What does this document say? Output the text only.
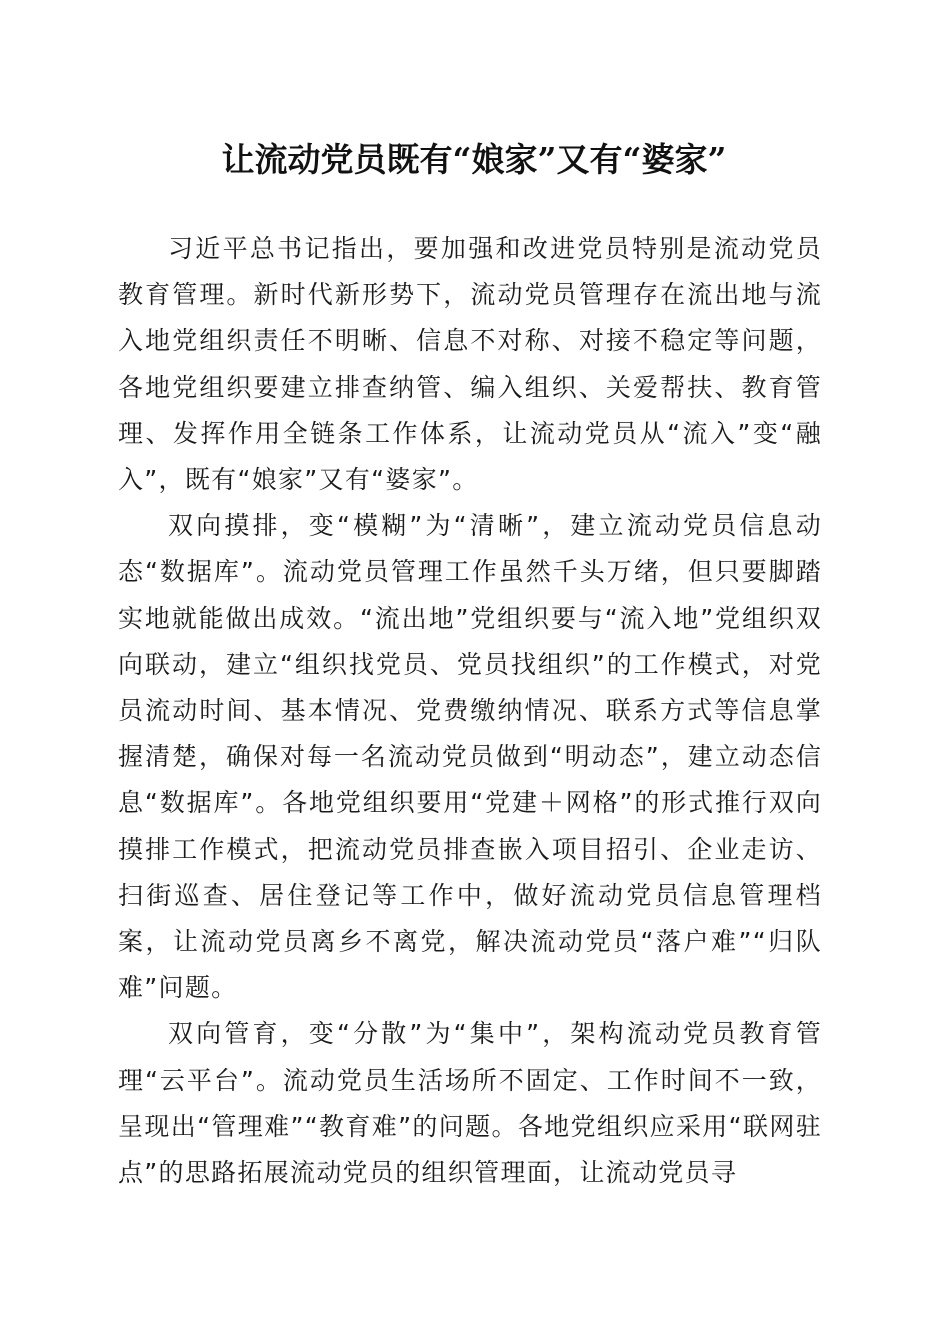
让流动党员既有“娘家”又有“婆家”

习近平总书记指出，要加强和改进党员特别是流动党员教育管理。新时代新形势下，流动党员管理存在流出地与流入地党组织责任不明晰、信息不对称、对接不稳定等问题，各地党组织要建立排查纳管、编入组织、关爱帮扶、教育管理、发挥作用全链条工作体系，让流动党员从“流入”变“融入”，既有“娘家”又有“婆家”。

双向摸排，变“模糊”为“清晰”，建立流动党员信息动态“数据库”。流动党员管理工作虽然千头万绪，但只要脚踏实地就能做出成效。“流出地”党组织要与“流入地”党组织双向联动，建立“组织找党员、党员找组织”的工作模式，对党员流动时间、基本情况、党费缴纳情况、联系方式等信息掌握清楚，确保对每一名流动党员做到“明动态”，建立动态信息“数据库”。各地党组织要用“党建＋网格”的形式推行双向摸排工作模式，把流动党员排查嵌入项目招引、企业走访、扫街巡查、居住登记等工作中，做好流动党员信息管理档案，让流动党员离乡不离党，解决流动党员“落户难”“归队难”问题。

双向管育，变“分散”为“集中”，架构流动党员教育管理“云平台”。流动党员生活场所不固定、工作时间不一致，呈现出“管理难”“教育难”的问题。各地党组织应采用“联网驻点”的思路拓展流动党员的组织管理面，让流动党员寻
